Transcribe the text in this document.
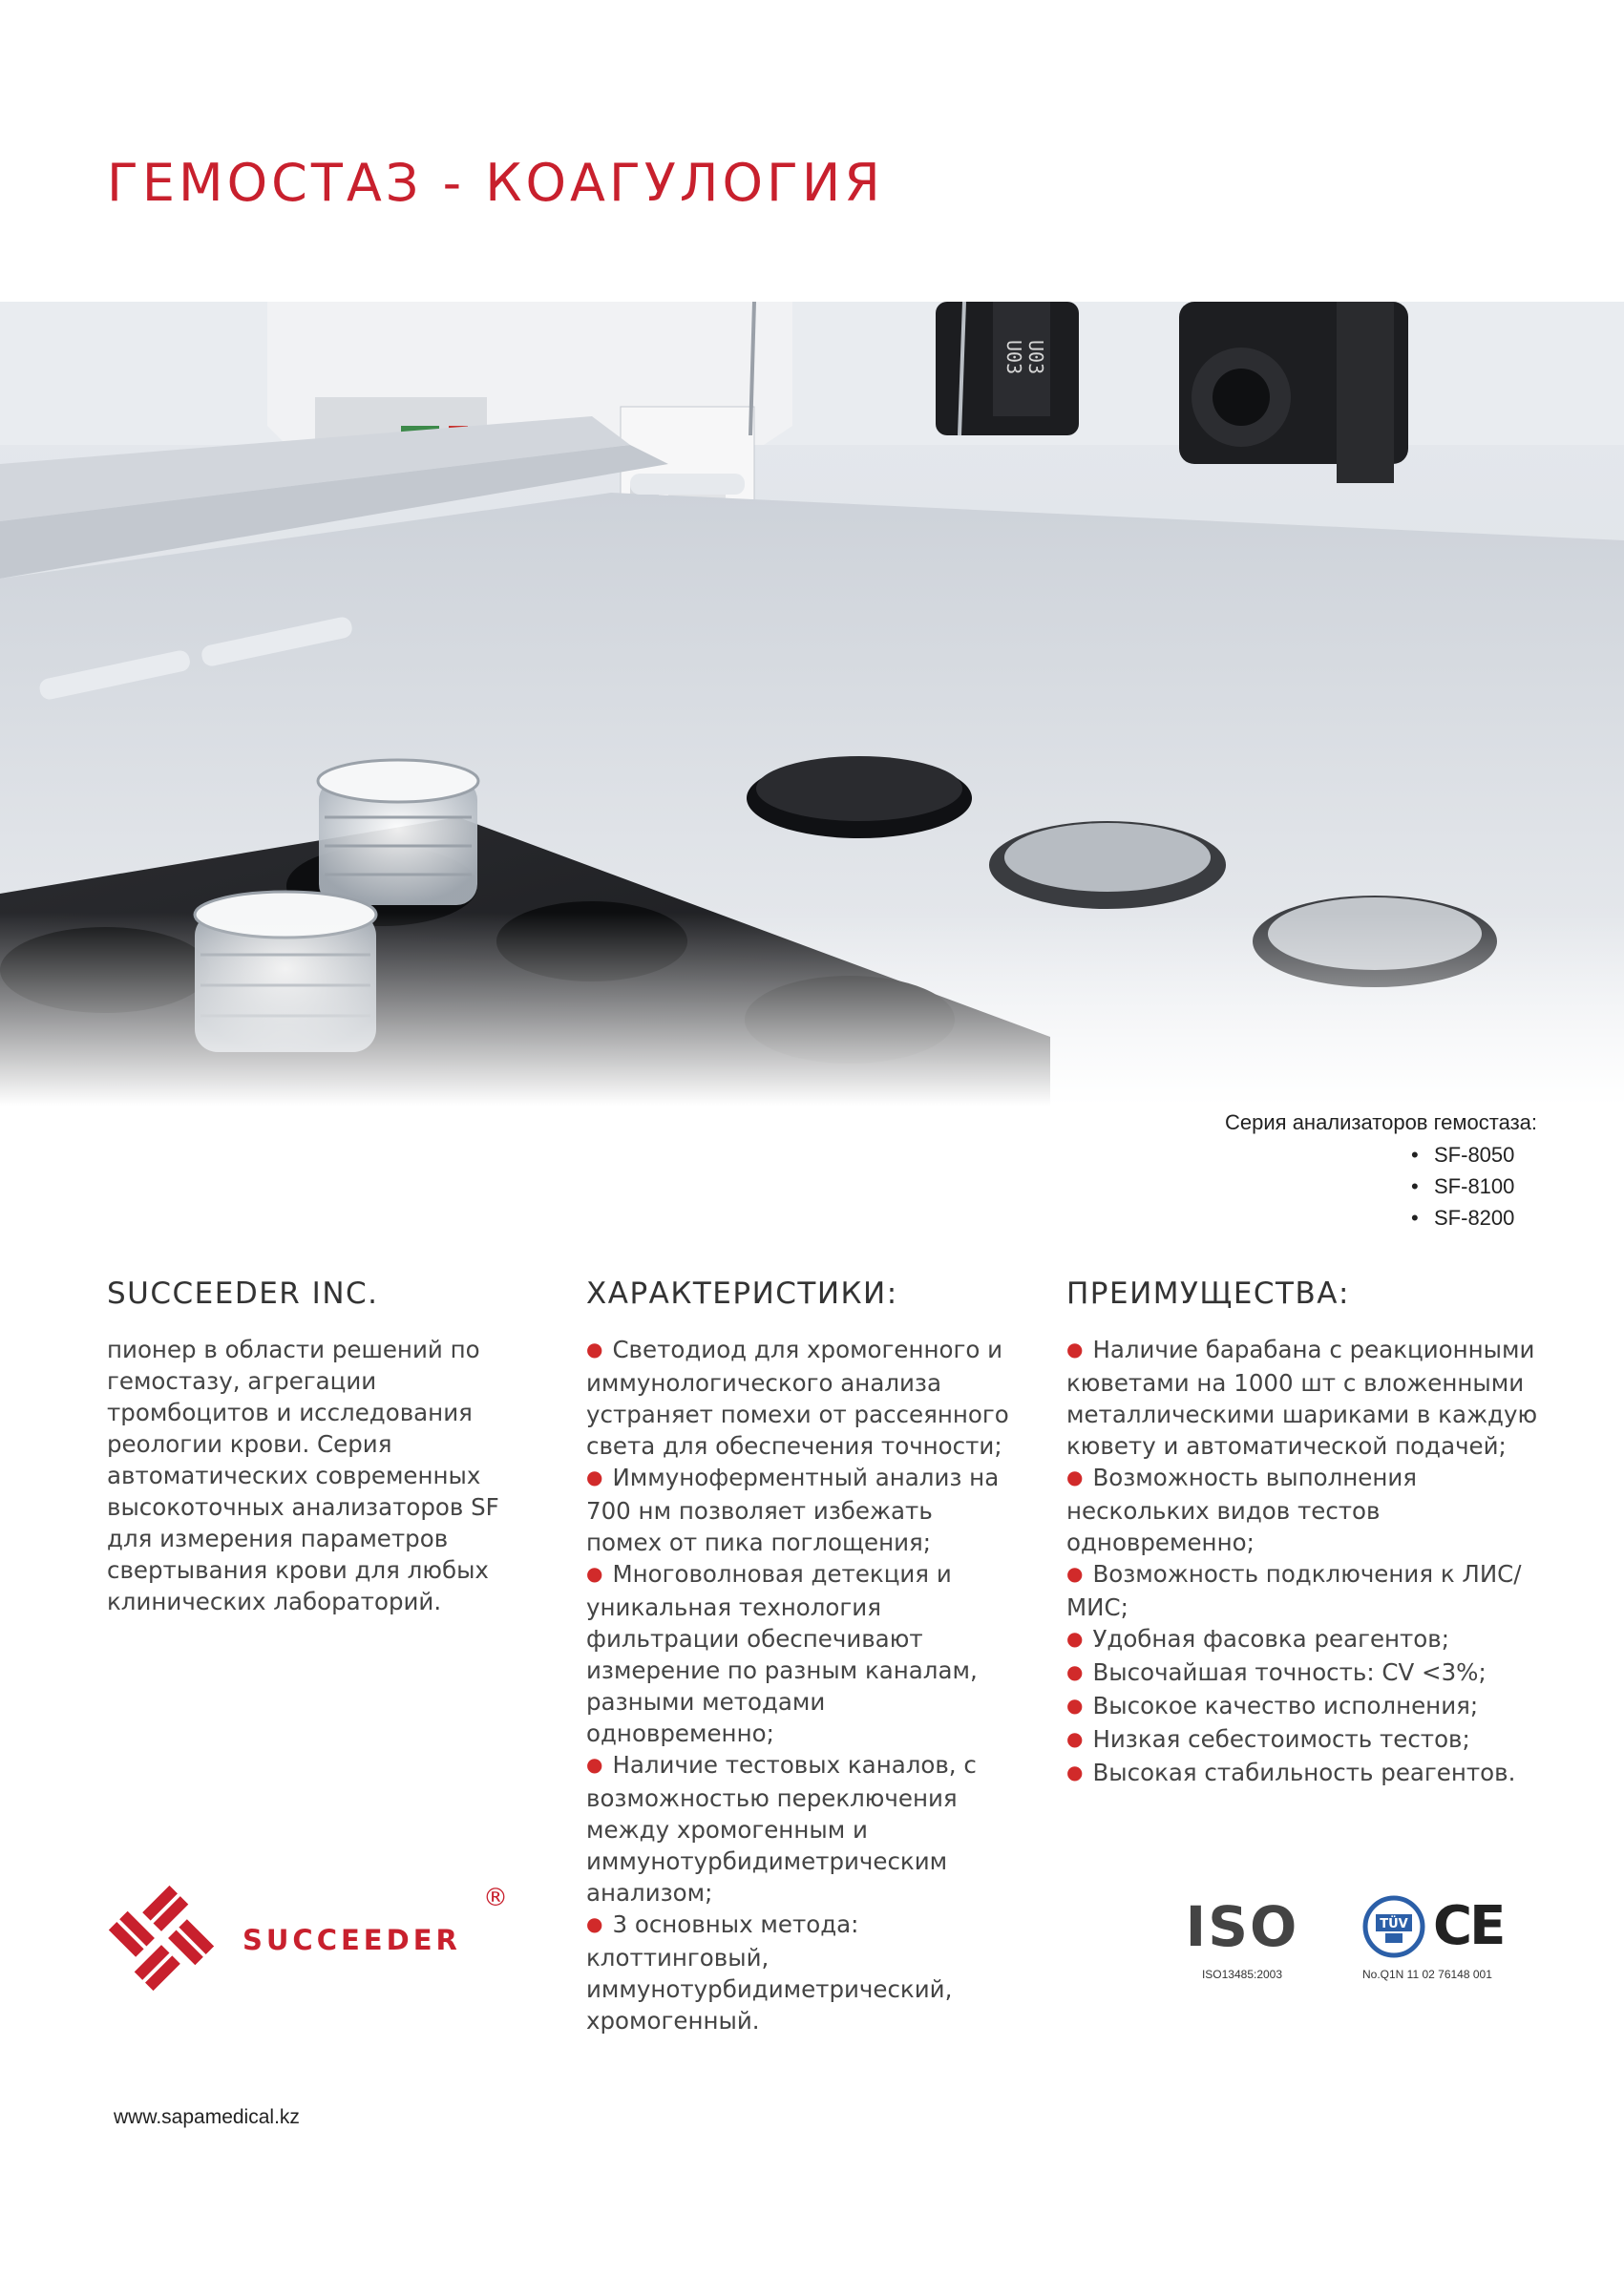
ГЕМОСТАЗ - КОАГУЛОГИЯ
U03 U03
Серия анализаторов гемостаза:
• SF-8050
• SF-8100
• SF-8200
SUCCEEDER INC.

пионер в области решений по гемостазу, агрегации тромбоцитов и исследования реологии крови. Серия автоматических современных высокоточных анализаторов SF для измерения параметров свертывания крови для любых клинических лабораторий.

ХАРАКТЕРИСТИКИ:
● Светодиод для хромогенного и иммунологического анализа устраняет помехи от рассеянного света для обеспечения точности;
● Иммуноферментный анализ на 700 нм позволяет избежать помех от пика поглощения;
● Многоволновая детекция и уникальная технология фильтрации обеспечивают измерение по разным каналам, разными методами одновременно;
● Наличие тестовых каналов, с возможностью переключения между хромогенным и иммунотурбидиметрическим анализом;
● 3 основных метода: клоттинговый, иммунотурбидиметрический, хромогенный.
ПРЕИМУЩЕСТВА:
● Наличие барабана с реакционными кюветами на 1000 шт с вложенными металлическими шариками в каждую кювету и автоматической подачей;
● Возможность выполнения нескольких видов тестов одновременно;
● Возможность подключения к ЛИС/МИС;
● Удобная фасовка реагентов;
● Высочайшая точность: CV <3%;
● Высокое качество исполнения;
● Низкая себестоимость тестов;
● Высокая стабильность реагентов.
SUCCEEDER
®	ISO
ISO13485:2003
TÜV CE
No.Q1N 11 02 76148 001
www.sapamedical.kz
